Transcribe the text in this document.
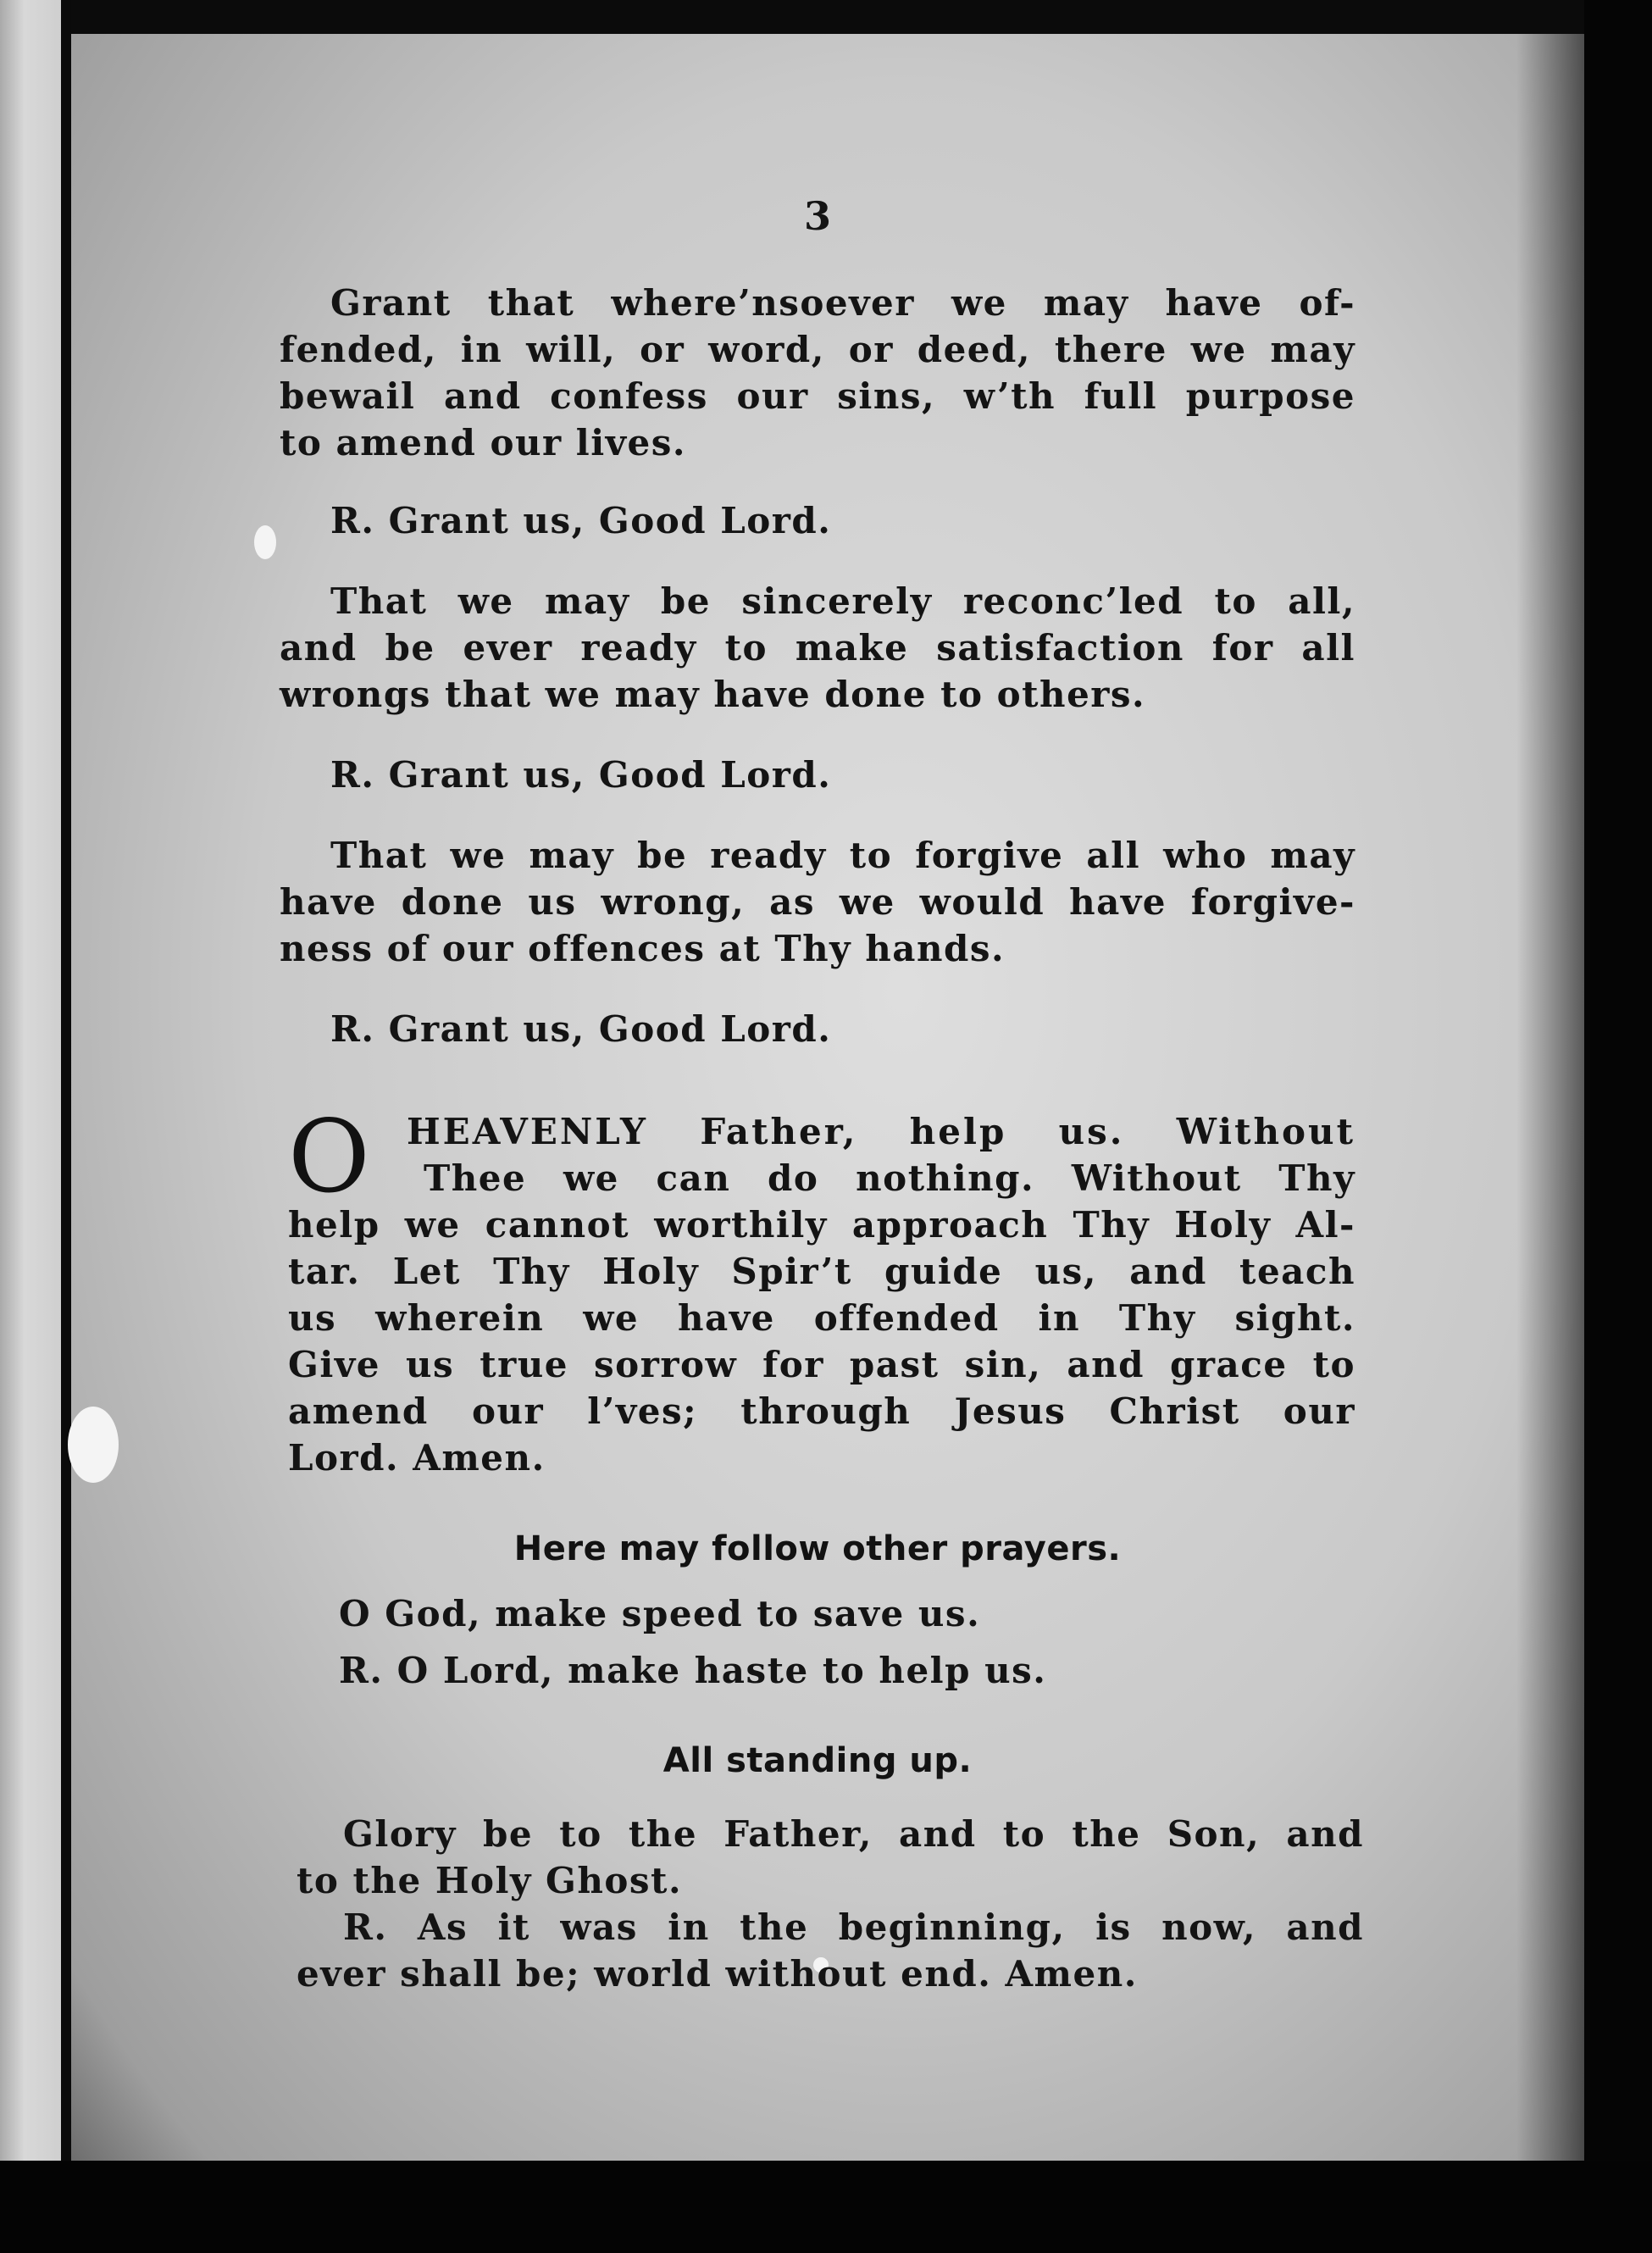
3
Grant that where’nsoever we may have of-
fended, in will, or word, or deed, there we may
bewail and confess our sins, w’th full purpose
to amend our lives.
R. Grant us, Good Lord.
That we may be sincerely reconc’led to all,
and be ever ready to make satisfaction for all
wrongs that we may have done to others.
R. Grant us, Good Lord.
That we may be ready to forgive all who may
have done us wrong, as we would have forgive-
ness of our offences at Thy hands.
R. Grant us, Good Lord.
O HEAVENLY Father, help us. Without
Thee we can do nothing. Without Thy
help we cannot worthily approach Thy Holy Al-
tar. Let Thy Holy Spir’t guide us, and teach
us wherein we have offended in Thy sight.
Give us true sorrow for past sin, and grace to
amend our l’ves; through Jesus Christ our
Lord. Amen.
Here may follow other prayers.
O God, make speed to save us.
R. O Lord, make haste to help us.
All standing up.
Glory be to the Father, and to the Son, and
to the Holy Ghost.
R. As it was in the beginning, is now, and
ever shall be; world without end. Amen.
